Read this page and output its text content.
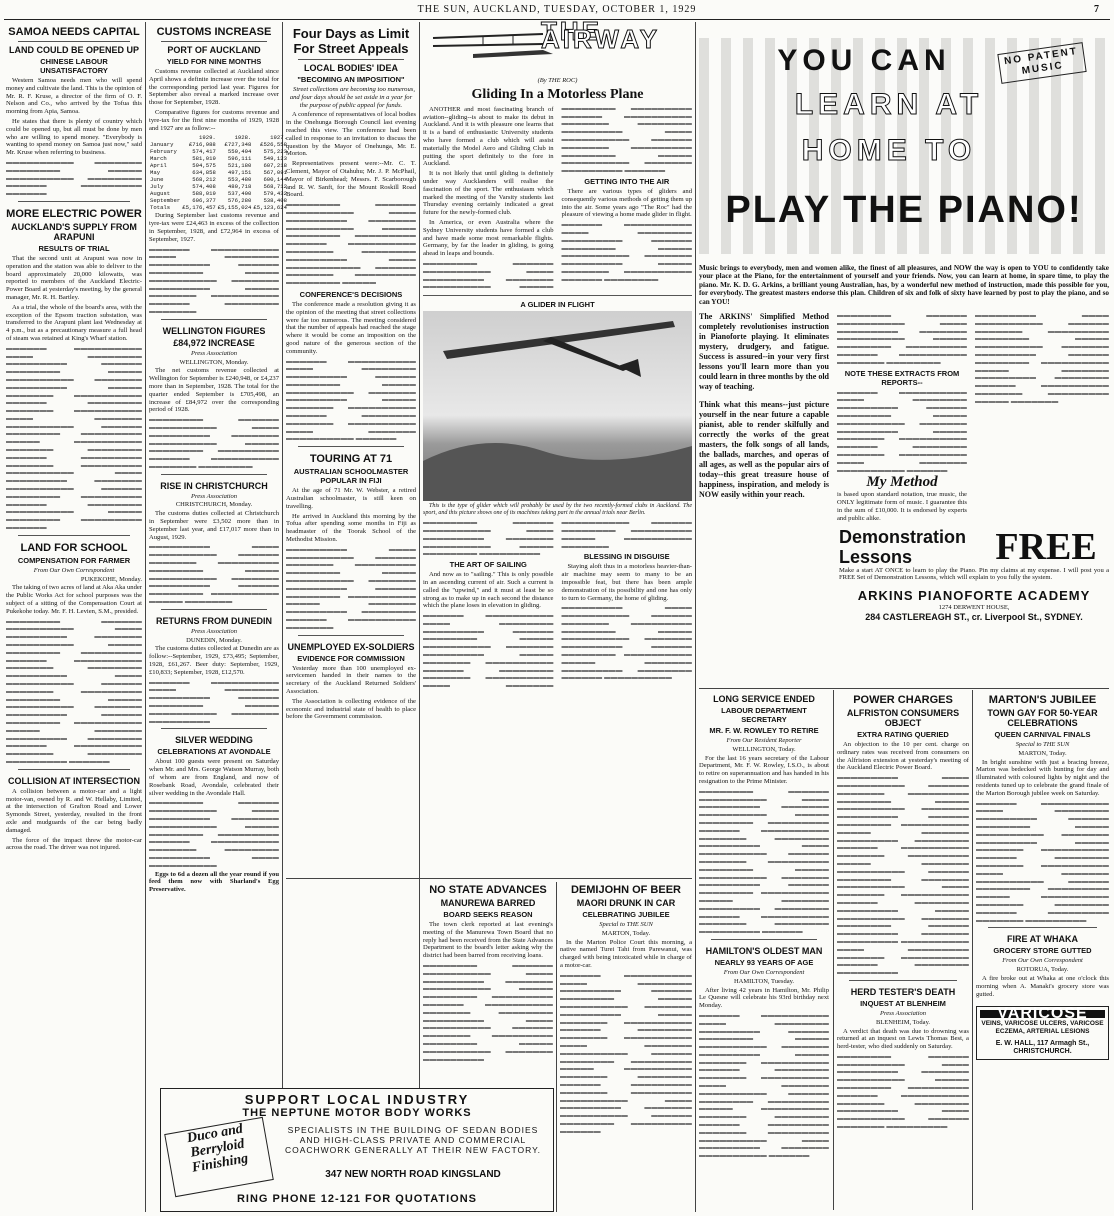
THE SUN, AUCKLAND, TUESDAY, OCTOBER 1, 1929	7
SAMOA NEEDS CAPITAL
LAND COULD BE OPENED UP
CHINESE LABOUR UNSATISFACTORY
Western Samoa needs men who will spend money and cultivate the land. This is the opinion of Mr. R. F. Kruse, a director of the firm of O. F. Nelson and Co., who arrived by the Tofua this morning from Apia, Samoa.
He states that there is plenty of country which could be opened up, but all must be done by men who are willing to spend money. "Everybody is wanting to spend money on Samoa just now," said Mr. Kruse when referring to business.
▬▬▬▬▬▬▬▬▬▬ ▬▬▬▬▬▬▬ ▬▬▬▬▬▬▬▬ ▬▬▬▬▬ ▬▬▬▬▬▬▬▬▬▬ ▬▬▬▬▬▬▬▬ ▬▬▬▬▬▬ ▬▬▬▬▬▬▬▬▬ ▬▬▬▬▬▬
MORE ELECTRIC POWER
AUCKLAND'S SUPPLY FROM ARAPUNI
RESULTS OF TRIAL
That the second unit at Arapuni was now in operation and the station was able to deliver to the board approximately 20,000 kilowatts, was reported to members of the Auckland Electric-Power Board at yesterday's meeting, by the general manager, Mr. R. H. Bartley.
As a trial, the whole of the board's area, with the exception of the Epsom traction substation, was transferred to the Arapuni plant last Wednesday at 4 p.m., but as a precautionary measure a full head of steam was retained at King's Wharf station.
▬▬▬▬▬▬ ▬▬▬▬▬▬▬▬▬▬ ▬▬▬▬ ▬▬▬▬▬▬▬▬ ▬▬▬▬▬▬▬▬▬ ▬▬▬▬▬▬ ▬▬▬▬▬▬▬▬ ▬▬▬▬▬ ▬▬▬▬▬▬▬▬▬▬ ▬▬▬▬▬▬▬ ▬▬▬▬▬▬▬▬▬ ▬▬▬▬▬ ▬▬▬▬▬▬▬ ▬▬▬▬▬▬▬▬▬▬ ▬▬▬▬▬▬ ▬▬▬▬▬▬▬▬ ▬▬▬▬▬▬▬ ▬▬▬▬▬▬▬▬▬▬ ▬▬▬▬ ▬▬▬▬▬▬▬ ▬▬▬▬▬▬▬▬▬▬ ▬▬▬▬▬▬ ▬▬▬▬▬▬▬▬ ▬▬▬▬▬▬▬▬▬ ▬▬▬▬▬ ▬▬▬▬▬▬▬▬▬▬ ▬▬▬▬▬▬▬ ▬▬▬▬▬▬▬▬ ▬▬▬▬▬▬ ▬▬▬▬▬▬▬▬▬ ▬▬▬▬▬▬▬ ▬▬▬▬▬▬▬▬▬ ▬▬▬▬▬▬▬▬▬▬ ▬▬▬▬ ▬▬▬▬▬▬▬▬▬ ▬▬▬▬▬▬▬ ▬▬▬▬▬▬▬▬▬▬ ▬▬▬▬▬▬ ▬▬▬▬▬▬▬▬ ▬▬▬▬▬▬▬▬▬ ▬▬▬▬▬▬ ▬▬▬▬▬▬▬▬ ▬▬▬▬▬▬▬▬▬▬ ▬▬▬▬▬ ▬▬▬▬▬▬▬▬ ▬▬▬▬▬▬▬▬▬ ▬▬▬▬▬▬
LAND FOR SCHOOL
COMPENSATION FOR FARMER
From Our Own Correspondent
PUKEKOHE, Monday.
The taking of two acres of land at Aka Aka under the Public Works Act for school purposes was the subject of a sitting of the Compensation Court at Pukekohe today. Mr. F. H. Levien, S.M., presided.
▬▬▬▬▬▬▬▬ ▬▬▬▬▬▬ ▬▬▬▬▬▬▬▬▬▬ ▬▬▬▬ ▬▬▬▬▬▬▬▬▬ ▬▬▬▬▬▬▬ ▬▬▬▬▬▬▬▬▬▬ ▬▬▬▬▬ ▬▬▬▬▬▬▬▬ ▬▬▬▬▬▬▬▬▬ ▬▬▬▬▬▬ ▬▬▬▬▬▬▬▬▬▬ ▬▬▬▬▬▬▬ ▬▬▬▬▬▬▬▬ ▬▬▬▬▬▬▬▬▬ ▬▬▬▬ ▬▬▬▬▬▬▬▬▬▬ ▬▬▬▬▬▬ ▬▬▬▬▬▬▬ ▬▬▬▬▬▬▬▬▬ ▬▬▬▬▬▬▬▬ ▬▬▬▬▬ ▬▬▬▬▬▬▬▬▬▬ ▬▬▬▬▬▬▬ ▬▬▬▬▬▬▬▬▬ ▬▬▬▬▬▬ ▬▬▬▬▬▬▬▬ ▬▬▬▬▬▬▬▬▬▬ ▬▬▬▬▬ ▬▬▬▬▬▬▬ ▬▬▬▬▬▬▬▬▬ ▬▬▬▬▬▬▬▬ ▬▬▬▬▬▬ ▬▬▬▬▬▬▬▬▬▬ ▬▬▬▬▬▬▬ ▬▬▬▬▬▬▬▬ ▬▬▬▬▬▬▬▬▬ ▬▬▬▬▬▬
COLLISION AT INTERSECTION
A collision between a motor-car and a light motor-van, owned by R. and W. Hellaby, Limited, at the intersection of Grafton Road and Lower Symonds Street, yesterday, resulted in the front axle and mudguards of the car being badly damaged.
The force of the impact threw the motor-car across the road. The driver was not injured.
CUSTOMS INCREASE
PORT OF AUCKLAND
YIELD FOR NINE MONTHS
Customs revenue collected at Auckland since April shows a definite increase over the total for the corresponding period last year. Figures for September also reveal a marked increase over those for September, 1928.
Comparative figures for customs revenue and tyre-tax for the first nine months of 1929, 1928 and 1927 are as follow:--
	1929.	1928.	1927.
January	£716,988	£727,348	£526,558
February	574,417	550,494	575,223
March	581,019	596,111	549,123
April	594,575	521,180	607,218
May	634,858	497,151	567,091
June	568,212	553,480	600,144
July	574,408	480,718	568,712
August	588,019	537,400	579,432
September	606,377	576,280	538,408
Totals	£5,176,457	£5,155,024	£5,123,624
During September last customs revenue and tyre-tax were £24,463 in excess of the collection in September, 1928, and £72,964 in excess of September, 1927.
▬▬▬▬▬▬ ▬▬▬▬▬▬▬▬▬▬ ▬▬▬▬ ▬▬▬▬▬▬▬▬ ▬▬▬▬▬▬▬▬▬ ▬▬▬▬▬▬ ▬▬▬▬▬▬▬▬ ▬▬▬▬▬ ▬▬▬▬▬▬▬▬▬▬ ▬▬▬▬▬▬▬ ▬▬▬▬▬▬▬▬▬ ▬▬▬▬▬ ▬▬▬▬▬▬▬ ▬▬▬▬▬▬▬▬▬▬ ▬▬▬▬▬▬ ▬▬▬▬▬▬▬▬ ▬▬▬▬▬▬▬
WELLINGTON FIGURES
£84,972 INCREASE
Press Association
WELLINGTON, Monday.
The net customs revenue collected at Wellington for September is £240,948, or £4,237 more than in September, 1928. The total for the quarter ended September is £705,498, an increase of £84,972 over the corresponding period of 1928.
▬▬▬▬▬▬▬▬ ▬▬▬▬▬▬ ▬▬▬▬▬▬▬▬▬▬ ▬▬▬▬ ▬▬▬▬▬▬▬▬▬ ▬▬▬▬▬▬▬ ▬▬▬▬▬▬▬▬▬▬ ▬▬▬▬▬ ▬▬▬▬▬▬▬▬ ▬▬▬▬▬▬▬▬▬ ▬▬▬▬▬▬ ▬▬▬▬▬▬▬▬▬▬ ▬▬▬▬▬▬▬ ▬▬▬▬▬▬▬▬
RISE IN CHRISTCHURCH
Press Association
CHRISTCHURCH, Monday.
The customs duties collected at Christchurch in September were £3,502 more than in September last year, and £17,017 more than in August, 1929.
▬▬▬▬▬▬▬▬▬ ▬▬▬▬ ▬▬▬▬▬▬▬▬▬▬ ▬▬▬▬▬▬ ▬▬▬▬▬▬▬ ▬▬▬▬▬▬▬▬▬ ▬▬▬▬▬▬▬▬ ▬▬▬▬▬ ▬▬▬▬▬▬▬▬▬▬ ▬▬▬▬▬▬▬ ▬▬▬▬▬▬▬▬▬ ▬▬▬▬▬▬ ▬▬▬▬▬▬▬▬ ▬▬▬▬▬▬▬▬▬▬ ▬▬▬▬▬ ▬▬▬▬▬▬▬
RETURNS FROM DUNEDIN
Press Association
DUNEDIN, Monday.
The customs duties collected at Dunedin are as follow:--September, 1929, £73,495; September, 1928, £61,267. Beer duty: September, 1929, £10,833; September, 1928, £12,570.
▬▬▬▬▬▬ ▬▬▬▬▬▬▬▬▬▬ ▬▬▬▬ ▬▬▬▬▬▬▬▬ ▬▬▬▬▬▬▬▬▬ ▬▬▬▬▬▬ ▬▬▬▬▬▬▬▬ ▬▬▬▬▬ ▬▬▬▬▬▬▬▬▬▬ ▬▬▬▬▬▬▬ ▬▬▬▬▬▬▬▬▬
SILVER WEDDING
CELEBRATIONS AT AVONDALE
About 100 guests were present on Saturday when Mr. and Mrs. George Watson Murray, both of whom are from England, and now of Rosebank Road, Avondale, celebrated their silver wedding in the Avondale Hall.
▬▬▬▬▬▬▬▬ ▬▬▬▬▬▬ ▬▬▬▬▬▬▬▬▬▬ ▬▬▬▬ ▬▬▬▬▬▬▬▬▬ ▬▬▬▬▬▬▬ ▬▬▬▬▬▬▬▬▬▬ ▬▬▬▬▬ ▬▬▬▬▬▬▬▬ ▬▬▬▬▬▬▬▬▬ ▬▬▬▬▬▬ ▬▬▬▬▬▬▬▬▬▬ ▬▬▬▬▬▬▬ ▬▬▬▬▬▬▬▬ ▬▬▬▬▬▬▬▬▬ ▬▬▬▬ ▬▬▬▬▬▬▬▬▬▬
Eggs to 6d a dozen all the year round if you feed them now with Sharland's Egg Preservative.
Four Days as Limit For Street Appeals
LOCAL BODIES' IDEA
"BECOMING AN IMPOSITION"
Street collections are becoming too numerous, and four days should be set aside in a year for the purpose of public appeal for funds.
A conference of representatives of local bodies in the Onehunga Borough Council last evening reached this view. The conference had been called in response to an invitation to discuss the question by the Mayor of Onehunga, Mr. E. Morton.
Representatives present were:--Mr. C. T. Clement, Mayor of Otahuhu; Mr. J. P. McPhail, Mayor of Birkenhead; Messrs. F. Scarborough and R. W. Sanft, for the Mount Roskill Road Board.
▬▬▬▬▬▬▬▬ ▬▬▬▬▬▬ ▬▬▬▬▬▬▬▬▬▬ ▬▬▬▬ ▬▬▬▬▬▬▬▬▬ ▬▬▬▬▬▬▬ ▬▬▬▬▬▬▬▬▬▬ ▬▬▬▬▬ ▬▬▬▬▬▬▬▬ ▬▬▬▬▬▬▬▬▬ ▬▬▬▬▬▬ ▬▬▬▬▬▬▬▬▬▬ ▬▬▬▬▬▬▬ ▬▬▬▬▬▬▬▬ ▬▬▬▬▬▬▬▬▬ ▬▬▬▬ ▬▬▬▬▬▬▬▬▬▬▬ ▬▬▬▬▬▬ ▬▬▬▬▬▬▬ ▬▬▬▬▬▬▬▬▬ ▬▬▬▬▬▬▬▬ ▬▬▬▬▬
CONFERENCE'S DECISIONS
The conference made a resolution giving it as the opinion of the meeting that street collections were far too numerous. The meeting considered that the number of appeals had reached the stage where it would be come an imposition on the good nature of the generous section of the community.
▬▬▬▬▬▬ ▬▬▬▬▬▬▬▬▬▬ ▬▬▬▬ ▬▬▬▬▬▬▬▬ ▬▬▬▬▬▬▬▬▬ ▬▬▬▬▬▬ ▬▬▬▬▬▬▬▬ ▬▬▬▬▬ ▬▬▬▬▬▬▬▬▬▬ ▬▬▬▬▬▬▬ ▬▬▬▬▬▬▬▬▬ ▬▬▬▬▬ ▬▬▬▬▬▬▬ ▬▬▬▬▬▬▬▬▬▬ ▬▬▬▬▬▬ ▬▬▬▬▬▬▬▬ ▬▬▬▬▬▬▬ ▬▬▬▬▬▬▬▬▬▬ ▬▬▬▬ ▬▬▬▬▬▬▬ ▬▬▬▬▬▬▬▬▬▬ ▬▬▬▬▬▬
TOURING AT 71
AUSTRALIAN SCHOOLMASTER POPULAR IN FIJI
At the age of 71 Mr. W. Webster, a retired Australian schoolmaster, is still keen on travelling.
He arrived in Auckland this morning by the Tofua after spending some months in Fiji as headmaster of the Toorak School of the Methodist Mission.
▬▬▬▬▬▬▬▬▬ ▬▬▬▬ ▬▬▬▬▬▬▬▬▬▬ ▬▬▬▬▬▬ ▬▬▬▬▬▬▬ ▬▬▬▬▬▬▬▬▬ ▬▬▬▬▬▬▬▬ ▬▬▬▬▬ ▬▬▬▬▬▬▬▬▬▬ ▬▬▬▬▬▬▬ ▬▬▬▬▬▬▬▬▬ ▬▬▬▬▬▬ ▬▬▬▬▬▬▬▬ ▬▬▬▬▬▬▬▬▬▬ ▬▬▬▬▬ ▬▬▬▬▬▬▬ ▬▬▬▬▬▬▬▬▬ ▬▬▬▬▬▬▬▬ ▬▬▬▬▬▬ ▬▬▬▬▬▬▬▬▬▬ ▬▬▬▬▬▬▬
UNEMPLOYED EX-SOLDIERS
EVIDENCE FOR COMMISSION
Yesterday more than 100 unemployed ex-servicemen handed in their names to the secretary of the Auckland Returned Soldiers' Association.
The Association is collecting evidence of the economic and industrial state of health to place before the Government commission.
THE AIRWAY
(By THE ROC)
Gliding In a Motorless Plane
ANOTHER and most fascinating branch of aviation--gliding--is about to make its debut in Auckland. And it is with pleasure one learns that it is a band of enthusiastic University students who have formed a club which will assist materially the Model Aero and Gliding Club in putting the sport definitely to the fore in Auckland.
It is not likely that until gliding is definitely under way Aucklanders will realise the fascination of the sport. The enthusiasm which marked the meeting of the Varsity students last Thursday evening certainly indicated a great future for the newly-formed club.
In America, or even Australia where the Sydney University students have formed a club and have made some most remarkable flights. Germany, by far the leader in gliding, is going ahead in leaps and bounds.
▬▬▬▬▬▬▬▬ ▬▬▬▬▬▬ ▬▬▬▬▬▬▬▬▬▬ ▬▬▬▬ ▬▬▬▬▬▬▬▬▬ ▬▬▬▬▬▬▬ ▬▬▬▬▬▬▬▬▬▬ ▬▬▬▬▬ ▬▬▬▬▬▬▬▬ ▬▬▬▬▬▬▬▬▬ ▬▬▬▬▬▬ ▬▬▬▬▬▬▬▬▬▬ ▬▬▬▬▬▬▬ ▬▬▬▬▬▬▬▬ ▬▬▬▬▬▬▬▬▬ ▬▬▬▬ ▬▬▬▬▬▬▬▬▬▬ ▬▬▬▬▬▬ ▬▬▬▬▬▬▬ ▬▬▬▬▬▬▬▬▬ ▬▬▬▬▬▬▬▬ ▬▬▬▬▬ ▬▬▬▬▬▬▬▬▬▬ ▬▬▬▬▬▬▬ ▬▬▬▬▬▬▬▬▬ ▬▬▬▬▬▬
GETTING INTO THE AIR
There are various types of gliders and consequently various methods of getting them up into the air. Some years ago "The Roc" had the pleasure of viewing a home made glider in flight.
▬▬▬▬▬▬ ▬▬▬▬▬▬▬▬▬▬ ▬▬▬▬ ▬▬▬▬▬▬▬▬ ▬▬▬▬▬▬▬▬▬ ▬▬▬▬▬▬ ▬▬▬▬▬▬▬▬ ▬▬▬▬▬ ▬▬▬▬▬▬▬▬▬▬ ▬▬▬▬▬▬▬ ▬▬▬▬▬▬▬▬▬ ▬▬▬▬▬ ▬▬▬▬▬▬▬ ▬▬▬▬▬▬▬▬▬▬ ▬▬▬▬▬▬ ▬▬▬▬▬▬▬▬
A GLIDER IN FLIGHT
This is the type of glider which will probably be used by the two recently-formed clubs in Auckland. The sport, and this picture shows one of its machines taking part in the annual trials near Berlin.
▬▬▬▬▬▬▬▬ ▬▬▬▬▬▬ ▬▬▬▬▬▬▬▬▬▬ ▬▬▬▬ ▬▬▬▬▬▬▬▬▬ ▬▬▬▬▬▬▬ ▬▬▬▬▬▬▬▬▬▬ ▬▬▬▬▬ ▬▬▬▬▬▬▬▬ ▬▬▬▬▬▬▬▬▬
THE ART OF SAILING
And now as to "sailing." This is only possible in an ascending current of air. Such a current is called the "upwind," and it must at least be so strong as to make up in each second the distance which the plane loses in elevation in gliding.
▬▬▬▬▬▬ ▬▬▬▬▬▬▬▬▬▬ ▬▬▬▬ ▬▬▬▬▬▬▬▬ ▬▬▬▬▬▬▬▬▬ ▬▬▬▬▬▬ ▬▬▬▬▬▬▬▬ ▬▬▬▬▬ ▬▬▬▬▬▬▬▬▬▬ ▬▬▬▬▬▬▬ ▬▬▬▬▬▬▬▬▬ ▬▬▬▬▬ ▬▬▬▬▬▬▬ ▬▬▬▬▬▬▬▬▬▬ ▬▬▬▬▬▬ ▬▬▬▬▬▬▬▬ ▬▬▬▬▬▬▬ ▬▬▬▬▬▬▬▬▬▬ ▬▬▬▬ ▬▬▬▬▬▬▬ ▬▬▬▬▬▬▬▬▬▬ ▬▬▬▬▬▬ ▬▬▬▬▬▬▬▬ ▬▬▬▬▬▬▬▬▬ ▬▬▬▬▬ ▬▬▬▬▬▬▬▬▬▬ ▬▬▬▬▬▬▬
BLESSING IN DISGUISE
Staying aloft thus in a motorless heavier-than-air machine may seem to many to be an impossible feat, but there has been ample demonstration of its possibility and one has only to turn to Germany, the home of gliding.
▬▬▬▬▬▬▬▬▬ ▬▬▬▬ ▬▬▬▬▬▬▬▬▬▬ ▬▬▬▬▬▬ ▬▬▬▬▬▬▬ ▬▬▬▬▬▬▬▬▬ ▬▬▬▬▬▬▬▬ ▬▬▬▬▬ ▬▬▬▬▬▬▬▬▬▬ ▬▬▬▬▬▬▬ ▬▬▬▬▬▬▬▬▬ ▬▬▬▬▬▬ ▬▬▬▬▬▬▬▬ ▬▬▬▬▬▬▬▬▬▬ ▬▬▬▬▬ ▬▬▬▬▬▬▬ ▬▬▬▬▬▬▬▬▬ ▬▬▬▬▬▬▬▬ ▬▬▬▬▬▬ ▬▬▬▬▬▬▬▬▬▬
NO STATE ADVANCES
MANUREWA BARRED
BOARD SEEKS REASON
The town clerk reported at last evening's meeting of the Manurewa Town Board that no reply had been received from the State Advances Department to the board's letter asking why the district had been barred from receiving loans.
▬▬▬▬▬▬▬▬ ▬▬▬▬▬▬ ▬▬▬▬▬▬▬▬▬▬ ▬▬▬▬ ▬▬▬▬▬▬▬▬▬ ▬▬▬▬▬▬▬ ▬▬▬▬▬▬▬▬▬▬ ▬▬▬▬▬ ▬▬▬▬▬▬▬▬ ▬▬▬▬▬▬▬▬▬ ▬▬▬▬▬▬ ▬▬▬▬▬▬▬▬▬▬ ▬▬▬▬▬▬▬ ▬▬▬▬▬▬▬▬ ▬▬▬▬▬▬▬▬▬ ▬▬▬▬ ▬▬▬▬▬▬▬▬▬▬ ▬▬▬▬▬▬ ▬▬▬▬▬▬▬ ▬▬▬▬▬▬▬▬▬ ▬▬▬▬▬▬▬▬ ▬▬▬▬▬ ▬▬▬▬▬▬▬▬▬▬ ▬▬▬▬▬▬▬ ▬▬▬▬▬▬▬▬▬
DEMIJOHN OF BEER
MAORI DRUNK IN CAR
CELEBRATING JUBILEE
Special to THE SUN
MARTON, Today.
In the Marton Police Court this morning, a native named Turei Tahi from Parewanui, was charged with being intoxicated while in charge of a motor-car.
▬▬▬▬▬▬ ▬▬▬▬▬▬▬▬▬▬ ▬▬▬▬ ▬▬▬▬▬▬▬▬ ▬▬▬▬▬▬▬▬▬ ▬▬▬▬▬▬ ▬▬▬▬▬▬▬▬ ▬▬▬▬▬ ▬▬▬▬▬▬▬▬▬▬ ▬▬▬▬▬▬▬ ▬▬▬▬▬▬▬▬▬ ▬▬▬▬▬ ▬▬▬▬▬▬▬ ▬▬▬▬▬▬▬▬▬▬ ▬▬▬▬▬▬ ▬▬▬▬▬▬▬▬ ▬▬▬▬▬▬▬ ▬▬▬▬▬▬▬▬▬▬ ▬▬▬▬ ▬▬▬▬▬▬▬ ▬▬▬▬▬▬▬▬▬▬ ▬▬▬▬▬▬ ▬▬▬▬▬▬▬▬ ▬▬▬▬▬▬▬▬▬ ▬▬▬▬▬ ▬▬▬▬▬▬▬▬▬▬ ▬▬▬▬▬▬▬ ▬▬▬▬▬▬▬▬ ▬▬▬▬▬▬ ▬▬▬▬▬▬▬▬▬ ▬▬▬▬▬▬▬ ▬▬▬▬▬▬▬▬▬ ▬▬▬▬▬▬▬▬▬▬ ▬▬▬▬ ▬▬▬▬▬▬▬▬▬ ▬▬▬▬▬▬▬ ▬▬▬▬▬▬▬▬▬▬ ▬▬▬▬▬▬ ▬▬▬▬▬▬▬▬ ▬▬▬▬▬▬▬▬▬ ▬▬▬▬▬▬
SUPPORT LOCAL INDUSTRY
THE NEPTUNE MOTOR BODY WORKS
Duco and Berryloid Finishing
SPECIALISTS IN THE BUILDING OF SEDAN BODIES AND HIGH-CLASS PRIVATE AND COMMERCIAL COACHWORK GENERALLY AT THEIR NEW FACTORY.
347 NEW NORTH ROAD KINGSLAND
RING PHONE 12-121 FOR QUOTATIONS
YOU CAN	NO PATENT MUSIC
LEARN AT
HOME TO
PLAY THE PIANO!
Music brings to everybody, men and women alike, the finest of all pleasures, and NOW the way is open to YOU to confidently take your place at the Piano, for the entertainment of yourself and your friends. Now, you can learn at home, in spare time, to play the piano. Mr. K. D. G. Arkins, a brilliant young Australian, has, by a wonderful new method of instruction, made this possible for you, for everybody. The greatest masters endorse this plan. Children of six and folk of sixty have learned by post to play the piano, and so can YOU!
The ARKINS' Simplified Method completely revolutionises instruction in Pianoforte playing. It eliminates mystery, drudgery, and fatigue. Success is assured--in your very first lessons you'll learn more than you could learn in three months by the old way of teaching.
Think what this means--just picture yourself in the near future a capable pianist, able to render skilfully and correctly the works of the great masters, the folk songs of all lands, the ballads, marches, and operas of all ages, as well as the popular airs of today--this great treasure house of happiness, inspiration, and melody is NOW easily within your reach.
▬▬▬▬▬▬▬▬ ▬▬▬▬▬▬ ▬▬▬▬▬▬▬▬▬▬ ▬▬▬▬ ▬▬▬▬▬▬▬▬▬ ▬▬▬▬▬▬▬ ▬▬▬▬▬▬▬▬▬▬ ▬▬▬▬▬ ▬▬▬▬▬▬▬▬ ▬▬▬▬▬▬▬▬▬ ▬▬▬▬▬▬ ▬▬▬▬▬▬▬▬▬▬ ▬▬▬▬▬▬▬ ▬▬▬▬▬▬▬▬
NOTE THESE EXTRACTS FROM REPORTS--
▬▬▬▬▬▬ ▬▬▬▬▬▬▬▬▬▬ ▬▬▬▬ ▬▬▬▬▬▬▬▬ ▬▬▬▬▬▬▬▬▬ ▬▬▬▬▬▬ ▬▬▬▬▬▬▬▬ ▬▬▬▬▬ ▬▬▬▬▬▬▬▬▬▬ ▬▬▬▬▬▬▬ ▬▬▬▬▬▬▬▬▬ ▬▬▬▬▬ ▬▬▬▬▬▬▬ ▬▬▬▬▬▬▬▬▬▬ ▬▬▬▬▬▬ ▬▬▬▬▬▬▬▬ ▬▬▬▬▬▬▬ ▬▬▬▬▬▬▬▬▬▬ ▬▬▬▬ ▬▬▬▬▬▬▬ ▬▬▬▬▬▬▬▬▬▬ ▬▬▬▬▬▬
My Method
is based upon standard notation, true music, the ONLY legitimate form of music. I guarantee this in the sum of £10,000. It is endorsed by experts and public alike.
▬▬▬▬▬▬▬▬▬ ▬▬▬▬ ▬▬▬▬▬▬▬▬▬▬ ▬▬▬▬▬▬ ▬▬▬▬▬▬▬ ▬▬▬▬▬▬▬▬▬ ▬▬▬▬▬▬▬▬ ▬▬▬▬▬ ▬▬▬▬▬▬▬▬▬▬ ▬▬▬▬▬▬▬ ▬▬▬▬▬▬▬▬▬ ▬▬▬▬▬▬ ▬▬▬▬▬▬▬▬ ▬▬▬▬▬▬▬▬▬▬ ▬▬▬▬▬ ▬▬▬▬▬▬▬ ▬▬▬▬▬▬▬▬▬ ▬▬▬▬▬▬▬▬ ▬▬▬▬▬▬ ▬▬▬▬▬▬▬▬▬▬ ▬▬▬▬▬▬▬ ▬▬▬▬▬▬▬▬▬ ▬▬▬▬▬ ▬▬▬▬▬▬▬
Demonstration
Lessons	FREE
Make a start AT ONCE to learn to play the Piano. Pin my claims at my expense. I will post you a FREE Set of Demonstration Lessons, which will explain to you fully the system.
ARKINS PIANOFORTE ACADEMY
1274 DERWENT HOUSE,
284 CASTLEREAGH ST., cr. Liverpool St., SYDNEY.
LONG SERVICE ENDED
LABOUR DEPARTMENT SECRETARY
MR. F. W. ROWLEY TO RETIRE
From Our Resident Reporter
WELLINGTON, Today.
For the last 16 years secretary of the Labour Department, Mr. F. W. Rowley, I.S.O., is about to retire on superannuation and has handed in his resignation to the Prime Minister.
▬▬▬▬▬▬▬▬ ▬▬▬▬▬▬ ▬▬▬▬▬▬▬▬▬▬ ▬▬▬▬ ▬▬▬▬▬▬▬▬▬ ▬▬▬▬▬▬▬ ▬▬▬▬▬▬▬▬▬▬ ▬▬▬▬▬ ▬▬▬▬▬▬▬▬ ▬▬▬▬▬▬▬▬▬ ▬▬▬▬▬▬ ▬▬▬▬▬▬▬▬▬▬ ▬▬▬▬▬▬▬ ▬▬▬▬▬▬▬▬ ▬▬▬▬▬▬▬▬▬ ▬▬▬▬ ▬▬▬▬▬▬▬▬▬▬ ▬▬▬▬▬▬ ▬▬▬▬▬▬▬ ▬▬▬▬▬▬▬▬▬ ▬▬▬▬▬▬▬▬ ▬▬▬▬▬ ▬▬▬▬▬▬▬▬▬▬ ▬▬▬▬▬▬▬ ▬▬▬▬▬▬▬▬▬ ▬▬▬▬▬▬ ▬▬▬▬▬▬▬▬ ▬▬▬▬▬▬▬▬▬▬ ▬▬▬▬▬ ▬▬▬▬▬▬▬ ▬▬▬▬▬▬▬▬▬ ▬▬▬▬▬▬▬▬ ▬▬▬▬▬▬ ▬▬▬▬▬▬▬▬▬▬ ▬▬▬▬▬▬▬ ▬▬▬▬▬▬▬▬ ▬▬▬▬▬▬▬▬▬ ▬▬▬▬▬▬
HAMILTON'S OLDEST MAN
NEARLY 93 YEARS OF AGE
From Our Own Correspondent
HAMILTON, Tuesday.
After living 42 years in Hamilton, Mr. Philip Le Quesne will celebrate his 93rd birthday next Monday.
▬▬▬▬▬▬ ▬▬▬▬▬▬▬▬▬▬ ▬▬▬▬ ▬▬▬▬▬▬▬▬ ▬▬▬▬▬▬▬▬▬ ▬▬▬▬▬▬ ▬▬▬▬▬▬▬▬ ▬▬▬▬▬ ▬▬▬▬▬▬▬▬▬▬ ▬▬▬▬▬▬▬ ▬▬▬▬▬▬▬▬▬ ▬▬▬▬▬ ▬▬▬▬▬▬▬ ▬▬▬▬▬▬▬▬▬▬ ▬▬▬▬▬▬ ▬▬▬▬▬▬▬▬ ▬▬▬▬▬▬▬ ▬▬▬▬▬▬▬▬▬▬ ▬▬▬▬ ▬▬▬▬▬▬▬ ▬▬▬▬▬▬▬▬▬▬ ▬▬▬▬▬▬ ▬▬▬▬▬▬▬▬ ▬▬▬▬▬▬▬▬▬ ▬▬▬▬▬ ▬▬▬▬▬▬▬▬▬▬ ▬▬▬▬▬▬▬ ▬▬▬▬▬▬▬▬ ▬▬▬▬▬▬ ▬▬▬▬▬▬▬▬▬ ▬▬▬▬▬▬▬ ▬▬▬▬▬▬▬▬▬ ▬▬▬▬▬▬▬▬▬▬ ▬▬▬▬ ▬▬▬▬▬▬▬▬▬ ▬▬▬▬▬▬▬ ▬▬▬▬▬▬▬▬▬▬ ▬▬▬▬▬▬
POWER CHARGES
ALFRISTON CONSUMERS OBJECT
EXTRA RATING QUERIED
An objection to the 10 per cent. charge on ordinary rates was received from consumers on the Alfriston extension at yesterday's meeting of the Auckland Electric Power Board.
▬▬▬▬▬▬▬▬▬ ▬▬▬▬ ▬▬▬▬▬▬▬▬▬▬ ▬▬▬▬▬▬ ▬▬▬▬▬▬▬ ▬▬▬▬▬▬▬▬▬ ▬▬▬▬▬▬▬▬ ▬▬▬▬▬ ▬▬▬▬▬▬▬▬▬▬ ▬▬▬▬▬▬▬ ▬▬▬▬▬▬▬▬▬ ▬▬▬▬▬▬ ▬▬▬▬▬▬▬▬ ▬▬▬▬▬▬▬▬▬▬ ▬▬▬▬▬ ▬▬▬▬▬▬▬ ▬▬▬▬▬▬▬▬▬ ▬▬▬▬▬▬▬▬ ▬▬▬▬▬▬ ▬▬▬▬▬▬▬▬▬▬ ▬▬▬▬▬▬▬ ▬▬▬▬▬▬▬▬▬ ▬▬▬▬▬ ▬▬▬▬▬▬▬ ▬▬▬▬▬▬▬▬▬▬ ▬▬▬▬▬▬ ▬▬▬▬▬▬▬▬ ▬▬▬▬▬▬▬ ▬▬▬▬▬▬▬▬▬▬ ▬▬▬▬ ▬▬▬▬▬▬▬ ▬▬▬▬▬▬▬▬▬▬ ▬▬▬▬▬▬ ▬▬▬▬▬▬▬▬ ▬▬▬▬▬▬▬▬▬ ▬▬▬▬▬ ▬▬▬▬▬▬▬▬▬▬ ▬▬▬▬▬▬▬ ▬▬▬▬▬▬▬▬ ▬▬▬▬▬▬ ▬▬▬▬▬▬▬▬▬ ▬▬▬▬▬▬▬ ▬▬▬▬▬▬▬▬▬ ▬▬▬▬▬▬▬▬▬▬ ▬▬▬▬ ▬▬▬▬▬▬▬▬▬ ▬▬▬▬▬▬▬ ▬▬▬▬▬▬▬▬▬▬ ▬▬▬▬▬▬ ▬▬▬▬▬▬▬▬ ▬▬▬▬▬▬▬▬▬
HERD TESTER'S DEATH
INQUEST AT BLENHEIM
Press Association
BLENHEIM, Today.
A verdict that death was due to drowning was returned at an inquest on Lewis Thomas Best, a herd-tester, who died suddenly on Saturday.
▬▬▬▬▬▬▬▬ ▬▬▬▬▬▬ ▬▬▬▬▬▬▬▬▬▬ ▬▬▬▬ ▬▬▬▬▬▬▬▬▬ ▬▬▬▬▬▬▬ ▬▬▬▬▬▬▬▬▬▬ ▬▬▬▬▬ ▬▬▬▬▬▬▬▬ ▬▬▬▬▬▬▬▬▬ ▬▬▬▬▬▬ ▬▬▬▬▬▬▬▬▬▬ ▬▬▬▬▬▬▬ ▬▬▬▬▬▬▬▬ ▬▬▬▬▬▬▬▬▬ ▬▬▬▬ ▬▬▬▬▬▬▬▬▬▬ ▬▬▬▬▬▬ ▬▬▬▬▬▬▬ ▬▬▬▬▬▬▬▬▬
MARTON'S JUBILEE
TOWN GAY FOR 50-YEAR CELEBRATIONS
QUEEN CARNIVAL FINALS
Special to THE SUN
MARTON, Today.
In bright sunshine with just a bracing breeze, Marton was bedecked with bunting for day and illuminated with coloured lights by night and the residents tuned up to celebrate the grand finale of the Marton Borough jubilee week on Saturday.
▬▬▬▬▬▬ ▬▬▬▬▬▬▬▬▬▬ ▬▬▬▬ ▬▬▬▬▬▬▬▬ ▬▬▬▬▬▬▬▬▬ ▬▬▬▬▬▬ ▬▬▬▬▬▬▬▬ ▬▬▬▬▬ ▬▬▬▬▬▬▬▬▬▬ ▬▬▬▬▬▬▬ ▬▬▬▬▬▬▬▬▬ ▬▬▬▬▬ ▬▬▬▬▬▬▬ ▬▬▬▬▬▬▬▬▬▬ ▬▬▬▬▬▬ ▬▬▬▬▬▬▬▬ ▬▬▬▬▬▬▬ ▬▬▬▬▬▬▬▬▬▬ ▬▬▬▬ ▬▬▬▬▬▬▬ ▬▬▬▬▬▬▬▬▬▬ ▬▬▬▬▬▬ ▬▬▬▬▬▬▬▬ ▬▬▬▬▬▬▬▬▬ ▬▬▬▬▬ ▬▬▬▬▬▬▬▬▬▬ ▬▬▬▬▬▬▬ ▬▬▬▬▬▬▬▬ ▬▬▬▬▬▬ ▬▬▬▬▬▬▬▬▬ ▬▬▬▬▬▬▬ ▬▬▬▬▬▬▬▬▬
FIRE AT WHAKA
GROCERY STORE GUTTED
From Our Own Correspondent
ROTORUA, Today.
A fire broke out at Whaka at one o'clock this morning when A. Manaki's grocery store was gutted.
VARICOSE
VEINS, VARICOSE ULCERS, VARICOSE ECZEMA, ARTERIAL LESIONS
E. W. HALL, 117 Armagh St., CHRISTCHURCH.
